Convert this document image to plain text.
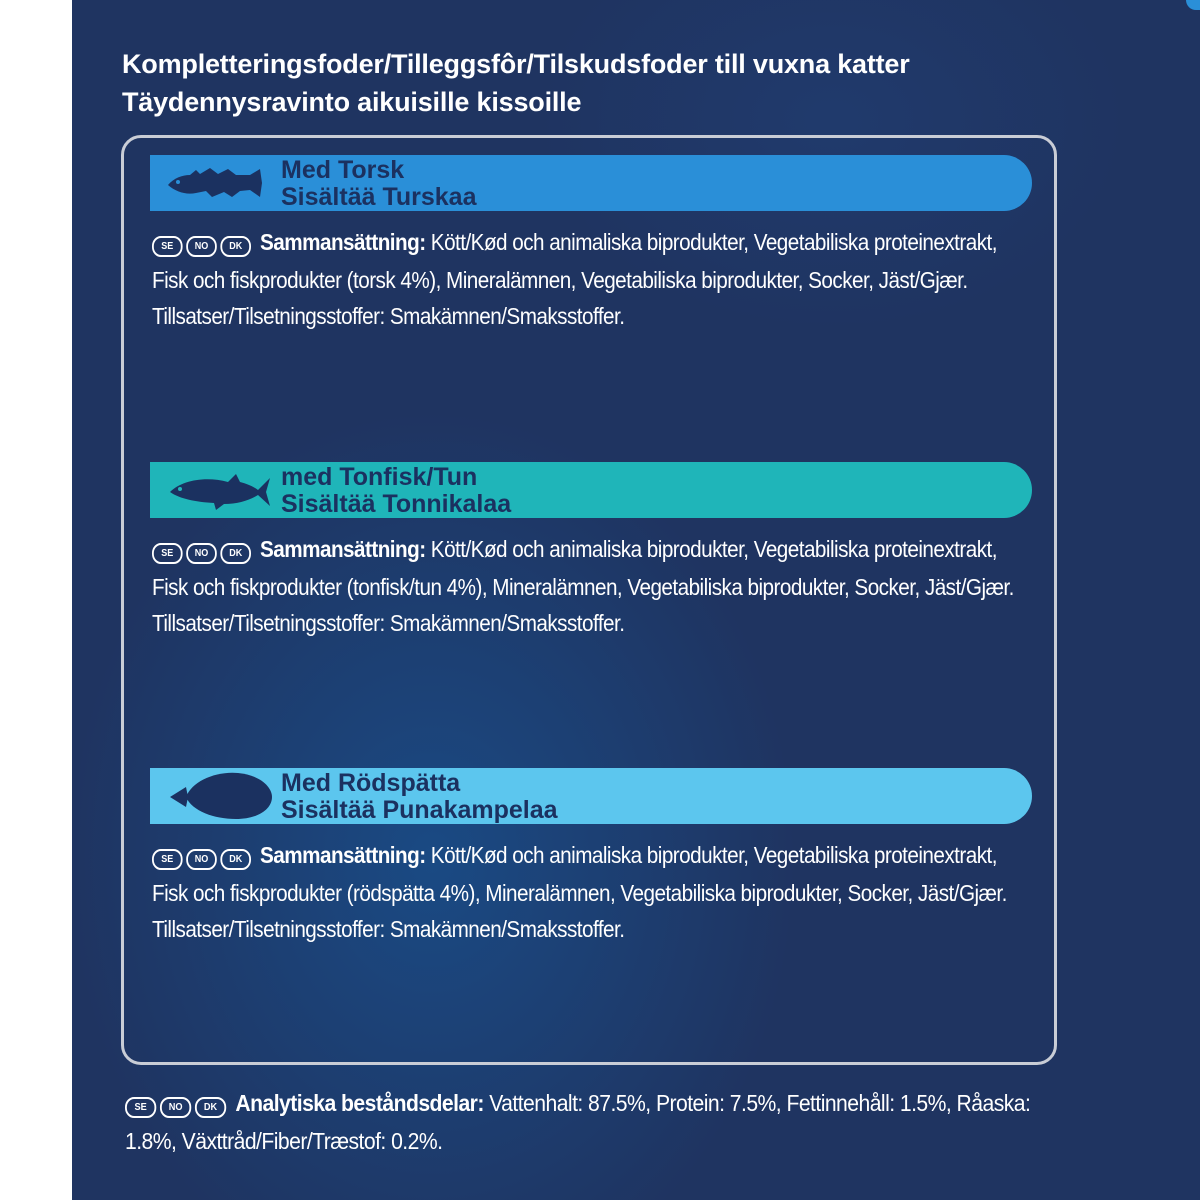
Kompletteringsfoder/Tilleggsfôr/Tilskudsfoder till vuxna katter
Täydennysravinto aikuisille kissoille
Med Torsk
Sisältää Turskaa
SE NO DK Sammansättning: Kött/Kød och animaliska biprodukter, Vegetabiliska proteinextrakt, Fisk och fiskprodukter (torsk 4%), Mineralämnen, Vegetabiliska biprodukter, Socker, Jäst/Gjær. Tillsatser/Tilsetningsstoffer: Smakämnen/Smaksstoffer.
med Tonfisk/Tun
Sisältää Tonnikalaa
SE NO DK Sammansättning: Kött/Kød och animaliska biprodukter, Vegetabiliska proteinextrakt, Fisk och fiskprodukter (tonfisk/tun 4%), Mineralämnen, Vegetabiliska biprodukter, Socker, Jäst/Gjær. Tillsatser/Tilsetningsstoffer: Smakämnen/Smaksstoffer.
Med Rödspätta
Sisältää Punakampelaa
SE NO DK Sammansättning: Kött/Kød och animaliska biprodukter, Vegetabiliska proteinextrakt, Fisk och fiskprodukter (rödspätta 4%), Mineralämnen, Vegetabiliska biprodukter, Socker, Jäst/Gjær. Tillsatser/Tilsetningsstoffer: Smakämnen/Smaksstoffer.
SE NO DK Analytiska beståndsdelar: Vattenhalt: 87.5%, Protein: 7.5%, Fettinnehåll: 1.5%, Råaska: 1.8%, Växttråd/Fiber/Træstof: 0.2%.
